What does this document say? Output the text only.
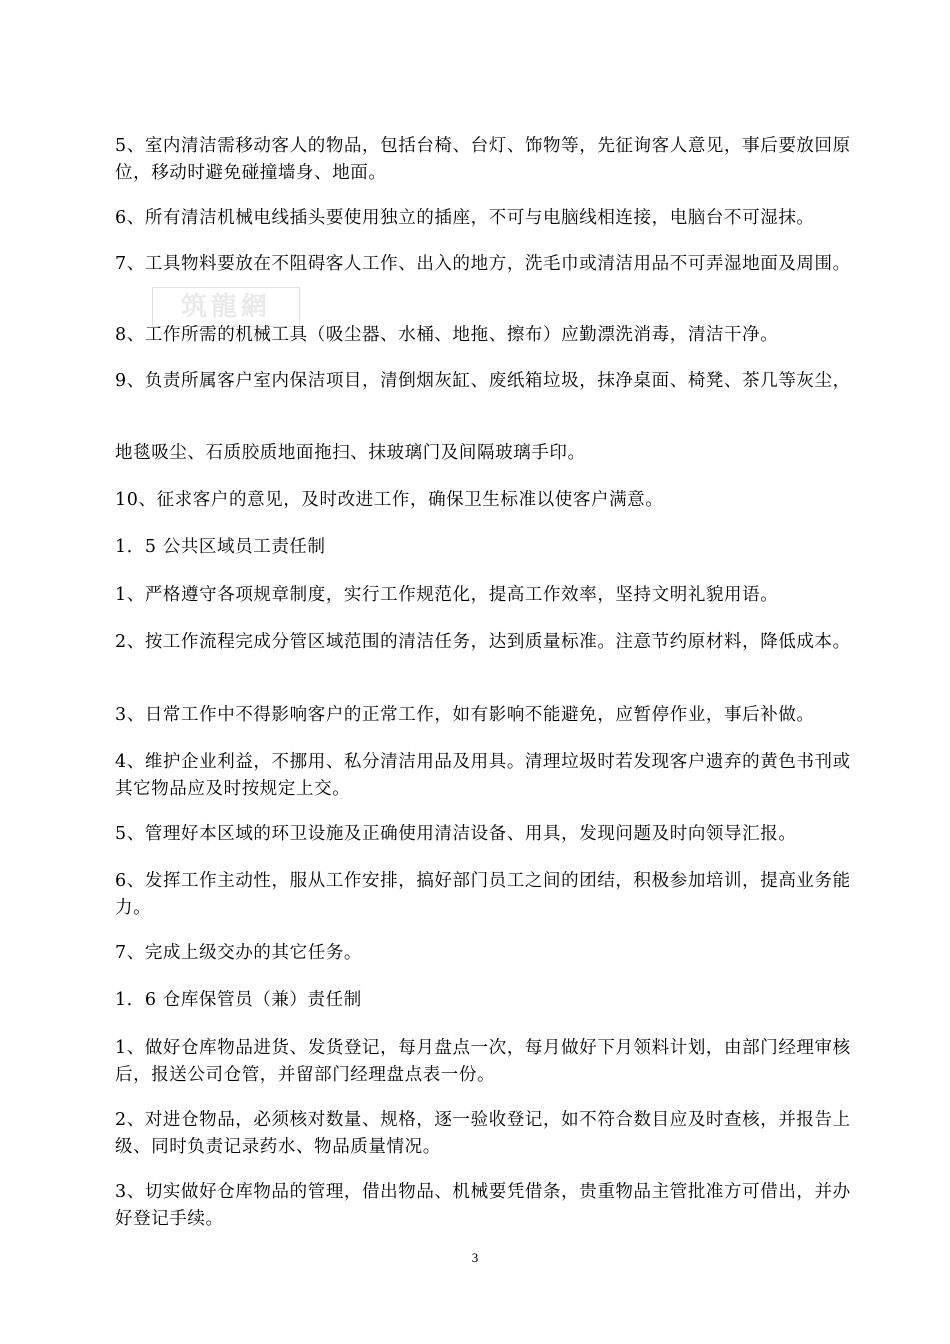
筑龍網

5、室内清洁需移动客人的物品，包括台椅、台灯、饰物等，先征询客人意见，事后要放回原位，移动时避免碰撞墙身、地面。

6、所有清洁机械电线插头要使用独立的插座，不可与电脑线相连接，电脑台不可湿抹。

7、工具物料要放在不阻碍客人工作、出入的地方，洗毛巾或清洁用品不可弄湿地面及周围。

8、工作所需的机械工具（吸尘器、水桶、地拖、擦布）应勤漂洗消毒，清洁干净。

9、负责所属客户室内保洁项目，清倒烟灰缸、废纸箱垃圾，抹净桌面、椅凳、茶几等灰尘，

地毯吸尘、石质胶质地面拖扫、抹玻璃门及间隔玻璃手印。

10、征求客户的意见，及时改进工作，确保卫生标准以使客户满意。

1．5 公共区域员工责任制

1、严格遵守各项规章制度，实行工作规范化，提高工作效率，坚持文明礼貌用语。

2、按工作流程完成分管区域范围的清洁任务，达到质量标准。注意节约原材料，降低成本。

3、日常工作中不得影响客户的正常工作，如有影响不能避免，应暂停作业，事后补做。

4、维护企业利益，不挪用、私分清洁用品及用具。清理垃圾时若发现客户遗弃的黄色书刊或其它物品应及时按规定上交。

5、管理好本区域的环卫设施及正确使用清洁设备、用具，发现问题及时向领导汇报。

6、发挥工作主动性，服从工作安排，搞好部门员工之间的团结，积极参加培训，提高业务能力。

7、完成上级交办的其它任务。

1．6 仓库保管员（兼）责任制

1、做好仓库物品进货、发货登记，每月盘点一次，每月做好下月领料计划，由部门经理审核后，报送公司仓管，并留部门经理盘点表一份。

2、对进仓物品，必须核对数量、规格，逐一验收登记，如不符合数目应及时查核，并报告上级、同时负责记录药水、物品质量情况。

3、切实做好仓库物品的管理，借出物品、机械要凭借条，贵重物品主管批准方可借出，并办好登记手续。

3
